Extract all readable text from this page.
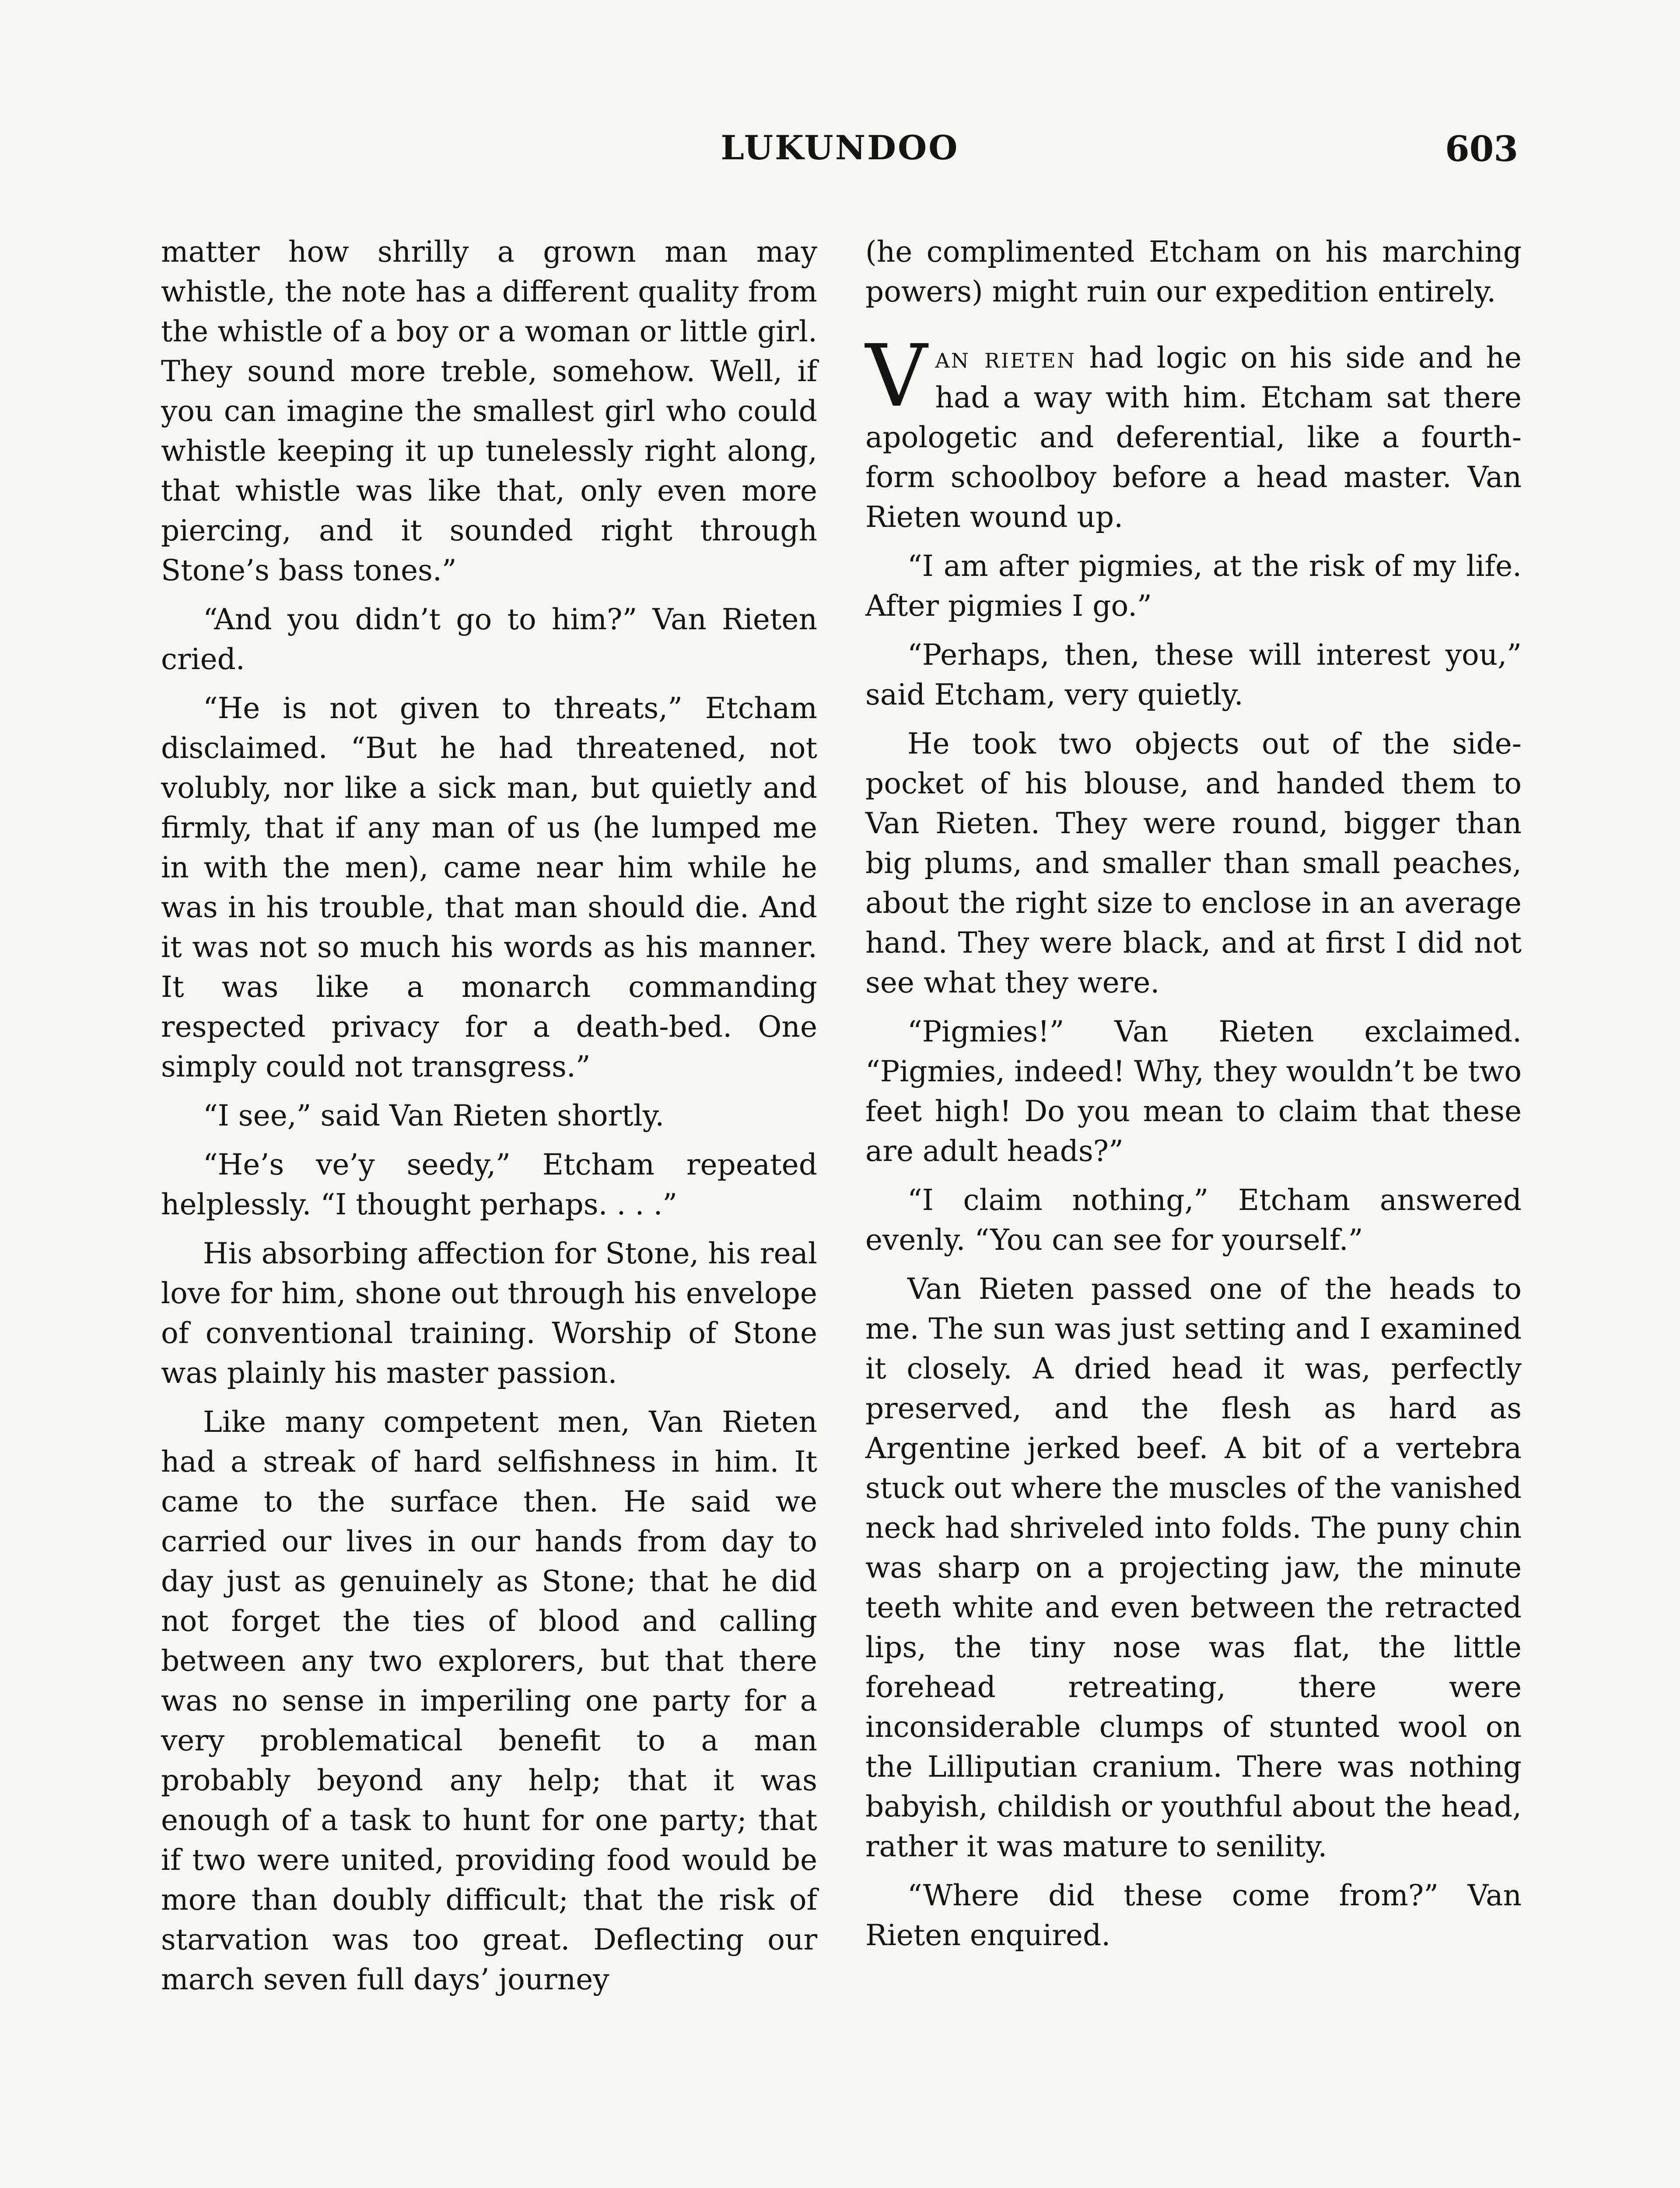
LUKUNDOO	603

matter how shrilly a grown man may whistle, the note has a different quality from the whistle of a boy or a woman or little girl. They sound more treble, somehow. Well, if you can imagine the smallest girl who could whistle keeping it up tunelessly right along, that whistle was like that, only even more piercing, and it sounded right through Stone’s bass tones.”

“And you didn’t go to him?” Van Rieten cried.

“He is not given to threats,” Etcham disclaimed. “But he had threatened, not volubly, nor like a sick man, but quietly and firmly, that if any man of us (he lumped me in with the men), came near him while he was in his trouble, that man should die. And it was not so much his words as his manner. It was like a monarch commanding respected privacy for a death-bed. One simply could not transgress.”

“I see,” said Van Rieten shortly.

“He’s ve’y seedy,” Etcham repeated helplessly. “I thought perhaps. . . .”

His absorbing affection for Stone, his real love for him, shone out through his envelope of conventional training. Worship of Stone was plainly his master passion.

Like many competent men, Van Rieten had a streak of hard selfishness in him. It came to the surface then. He said we carried our lives in our hands from day to day just as genuinely as Stone; that he did not forget the ties of blood and calling between any two explorers, but that there was no sense in imperiling one party for a very problematical benefit to a man probably beyond any help; that it was enough of a task to hunt for one party; that if two were united, providing food would be more than doubly difficult; that the risk of starvation was too great. Deflecting our march seven full days’ journey

(he complimented Etcham on his marching powers) might ruin our expedition entirely.

Van rieten had logic on his side and he had a way with him. Etcham sat there apologetic and deferential, like a fourth-form schoolboy before a head master. Van Rieten wound up.

“I am after pigmies, at the risk of my life. After pigmies I go.”

“Perhaps, then, these will interest you,” said Etcham, very quietly.

He took two objects out of the side-pocket of his blouse, and handed them to Van Rieten. They were round, bigger than big plums, and smaller than small peaches, about the right size to enclose in an average hand. They were black, and at first I did not see what they were.

“Pigmies!” Van Rieten exclaimed. “Pigmies, indeed! Why, they wouldn’t be two feet high! Do you mean to claim that these are adult heads?”

“I claim nothing,” Etcham answered evenly. “You can see for yourself.”

Van Rieten passed one of the heads to me. The sun was just setting and I examined it closely. A dried head it was, perfectly preserved, and the flesh as hard as Argentine jerked beef. A bit of a vertebra stuck out where the muscles of the vanished neck had shriveled into folds. The puny chin was sharp on a projecting jaw, the minute teeth white and even between the retracted lips, the tiny nose was flat, the little forehead retreating, there were inconsiderable clumps of stunted wool on the Lilliputian cranium. There was nothing babyish, childish or youthful about the head, rather it was mature to senility.

“Where did these come from?” Van Rieten enquired.
